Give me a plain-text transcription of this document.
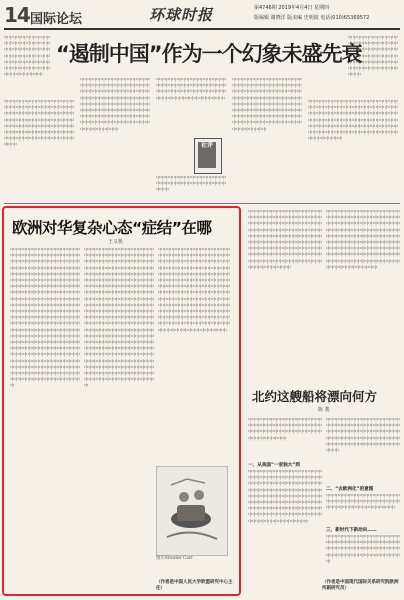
14 国际论坛	环球时报	第4746期 2019年4月4日 星期四
版编辑 谢晓洋 版美编 史明波 电话(010)65369572
“遏制中国”作为一个幻象未盛先衰
中中中中中中中中中中中中中中中中中中中中中中中中中中中中中中中中中中中中中中中中中中中中中中中中中中中中中中中中中中中中中中中中中中中中中
中中中中中中中中中中中中中中中中中中中中中中中中中中中中中中中中中中中中中中中中中中中中中中中中中中中中中中中中中中中中中中中中中中中中中
中中中中中中中中中中中中中中中中中中中中中中中中中中中中中中中中中中中中中中中中中中中中中中中中中中中中中中中中中中中中中中中中中中中中中中中中中中中中中中中中中中中中中中中中中中中中中中中中中中中中中中中中中中中中中中中中中中中
中中中中中中中中中中中中中中中中中中中中中中中中中中中中中中中中中中中中中中中中中中中中中中中中中中中中中中中中中中中中中中中中中中中中中中中中中中中中中中中中中中中中中中中中中中中中中中中中中中中中中中中中中中中中中中中中中中中中中中中中中中中中中中中中中中中中中中中中中
中中中中中中中中中中中中中中中中中中中中中中中中中中中中中中中中中中中中中中中中中中中中中中中中中中中中中中中中中中中中中中中中
社评
中中中中中中中中中中中中中中中中中中中中中中中中中中中中中中中中中中中
中中中中中中中中中中中中中中中中中中中中中中中中中中中中中中中中中中中中中中中中中中中中中中中中中中中中中中中中中中中中中中中中中中中中中中中中中中中中中中中中中中中中中中中中中中中中中中中中中中中中中中中中中中中中中中中中中中中中中中中中中中中中中中中中中中中中中中中中
中中中中中中中中中中中中中中中中中中中中中中中中中中中中中中中中中中中中中中中中中中中中中中中中中中中中中中中中中中中中中中中中中中中中中中中中中中中中中中中中中中中中中中中中中中中中中中中中中中中中中中中中中中中中中中中中中中中中中中中中中中中中中中中中
欧洲对华复杂心态“症结”在哪
王义桅
中中中中中中中中中中中中中中中中中中中中中中中中中中中中中中中中中中中中中中中中中中中中中中中中中中中中中中中中中中中中中中中中中中中中中中中中中中中中中中中中中中中中中中中中中中中中中中中中中中中中中中中中中中中中中中中中中中中中中中中中中中中中中中中中中中中中中中中中中中中中中中中中中中中中中中中中中中中中中中中中中中中中中中中中中中中中中中中中中中中中中中中中中中中中中中中中中中中中中中中中中中中中中中中中中中中中中中中中中中中中中中中中中中中中中中中中中中中中中中中中中中中中中中中中中中中中中中中中中中中中中中中中中中中中中中中中中中中中中中中中中中中中中中中中中中中中中中中中中中中中中中中中中中中中中中中中中中中中中中中中中中中中中中中中中中中中中中中中中中中中中中中中中中中中中中中中中
中中中中中中中中中中中中中中中中中中中中中中中中中中中中中中中中中中中中中中中中中中中中中中中中中中中中中中中中中中中中中中中中中中中中中中中中中中中中中中中中中中中中中中中中中中中中中中中中中中中中中中中中中中中中中中中中中中中中中中中中中中中中中中中中中中中中中中中中中中中中中中中中中中中中中中中中中中中中中中中中中中中中中中中中中中中中中中中中中中中中中中中中中中中中中中中中中中中中中中中中中中中中中中中中中中中中中中中中中中中中中中中中中中中中中中中中中中中中中中中中中中中中中中中中中中中中中中中中中中中中中中中中中中中中中中中中中中中中中中中中中中中中中中中中中中中中中中中中中中中中中中中中中中中中中中中中中中中中中中中中中中中中中中中中中中中中中中中中中中中中中中中中中中中中中中中中中
中中中中中中中中中中中中中中中中中中中中中中中中中中中中中中中中中中中中中中中中中中中中中中中中中中中中中中中中中中中中中中中中中中中中中中中中中中中中中中中中中中中中中中中中中中中中中中中中中中中中中中中中中中中中中中中中中中中中中中中中中中中中中中中中中中中中中中中中中中中中中中中中中中中中中中中中中中中中中中中中中中中中中中中中中中中中中中中中中中中中中中中中中中中中中中中中中中中中中中中中中中中中中中中中中中中中中中中中中中中中中中中中
图片/Hunter Carr
（作者是中国人民大学欧盟研究中心主任）
中中中中中中中中中中中中中中中中中中中中中中中中中中中中中中中中中中中中中中中中中中中中中中中中中中中中中中中中中中中中中中中中中中中中中中中中中中中中中中中中中中中中中中中中中中中中中中中中中中中中中中中中中中中中中中中中中中中中中中中中中中中中中中中中中中中中中中中中中中中中中中中中中中中中中中中中中中中中中中中中中中中
中中中中中中中中中中中中中中中中中中中中中中中中中中中中中中中中中中中中中中中中中中中中中中中中中中中中中中中中中中中中中中中中中中中中中中中中中中中中中中中中中中中中中中中中中中中中中中中中中中中中中中中中中中中中中中中中中中中中中中中中中中中中中中中中中中中中中中中中中中中中中中中中中中中中中中中中中中中中中中中中中中中中中
北约这艘船将漂向何方
陈 骏
中中中中中中中中中中中中中中中中中中中中中中中中中中中中中中中中中中中中中中中中中中中中中中中中中中中中中中中中中中中中
一、从美国“一家独大”到
中中中中中中中中中中中中中中中中中中中中中中中中中中中中中中中中中中中中中中中中中中中中中中中中中中中中中中中中中中中中中中中中中中中中中中中中中中中中中中中中中中中中中中中中中中中中中中中中中中中中中中中中中中中中中中中中中中中中中中中中中中中中中中中中中中中中中中中中中中中中中中中中中中中中中中
中中中中中中中中中中中中中中中中中中中中中中中中中中中中中中中中中中中中中中中中中中中中中中中中中中中中中中中中中中中中中中中中中中中中中中中中中中中中中中中中中中中中中中中中
二、“去欧洲化”的意图
中中中中中中中中中中中中中中中中中中中中中中中中中中中中中中中中中中中中中中中中中中中中中中中中中中
三、新时代下新动向……
中中中中中中中中中中中中中中中中中中中中中中中中中中中中中中中中中中中中中中中中中中中中中中中中中中中中中中中中中中中中中中中中中中中中中
（作者是中国现代国际关系研究院欧洲所副研究员）
